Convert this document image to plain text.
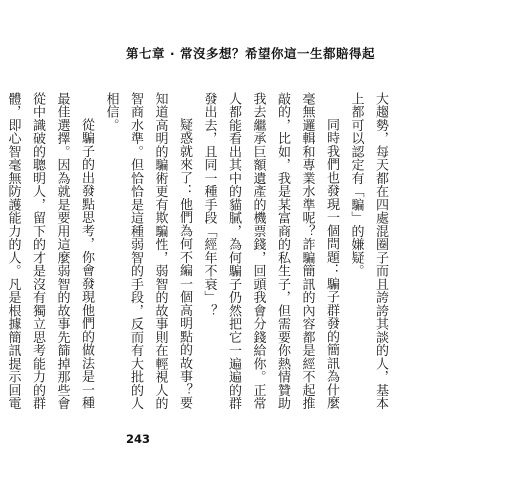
第七章 · 常沒多想？希望你這一生都賠得起

大趨勢，每天都在四處混圈子而且誇誇其談的人，基本上都可以認定有「騙」的嫌疑。

同時我們也發現一個問題：騙子群發的簡訊為什麼毫無邏輯和專業水準呢？詐騙簡訊的內容都是經不起推敲的，比如，我是某富商的私生子，但需要你熱情贊助我去繼承巨額遺產的機票錢，回頭我會分錢給你。正常人都能看出其中的貓膩，為何騙子仍然把它一遍遍的群發出去，且同一種手段「經年不衰」？

疑惑就來了：他們為何不編一個高明點的故事？要知道高明的騙術更有欺騙性，弱智的故事則在輕視人的智商水準。但恰恰是這種弱智的手段，反而有大批的人相信。

從騙子的出發點思考，你會發現他們的做法是一種最佳選擇。因為就是要用這麼弱智的故事先篩掉那些會從中識破的聰明人，留下的才是沒有獨立思考能力的群體，即心智毫無防護能力的人。凡是根據簡訊提示回電

243
